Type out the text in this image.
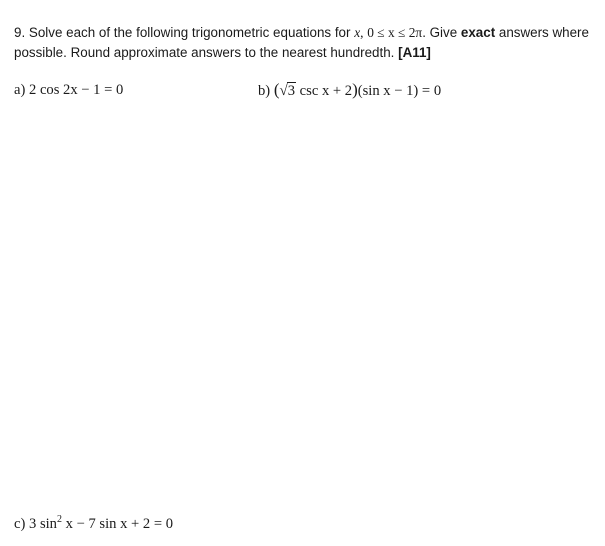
9. Solve each of the following trigonometric equations for x, 0 ≤ x ≤ 2π. Give exact answers where possible. Round approximate answers to the nearest hundredth. [A11]
a) 2 cos 2x − 1 = 0	b) (√3 csc x + 2)(sin x − 1) = 0
c) 3 $\sin^2 x - 7$ sin x + 2 = 0
